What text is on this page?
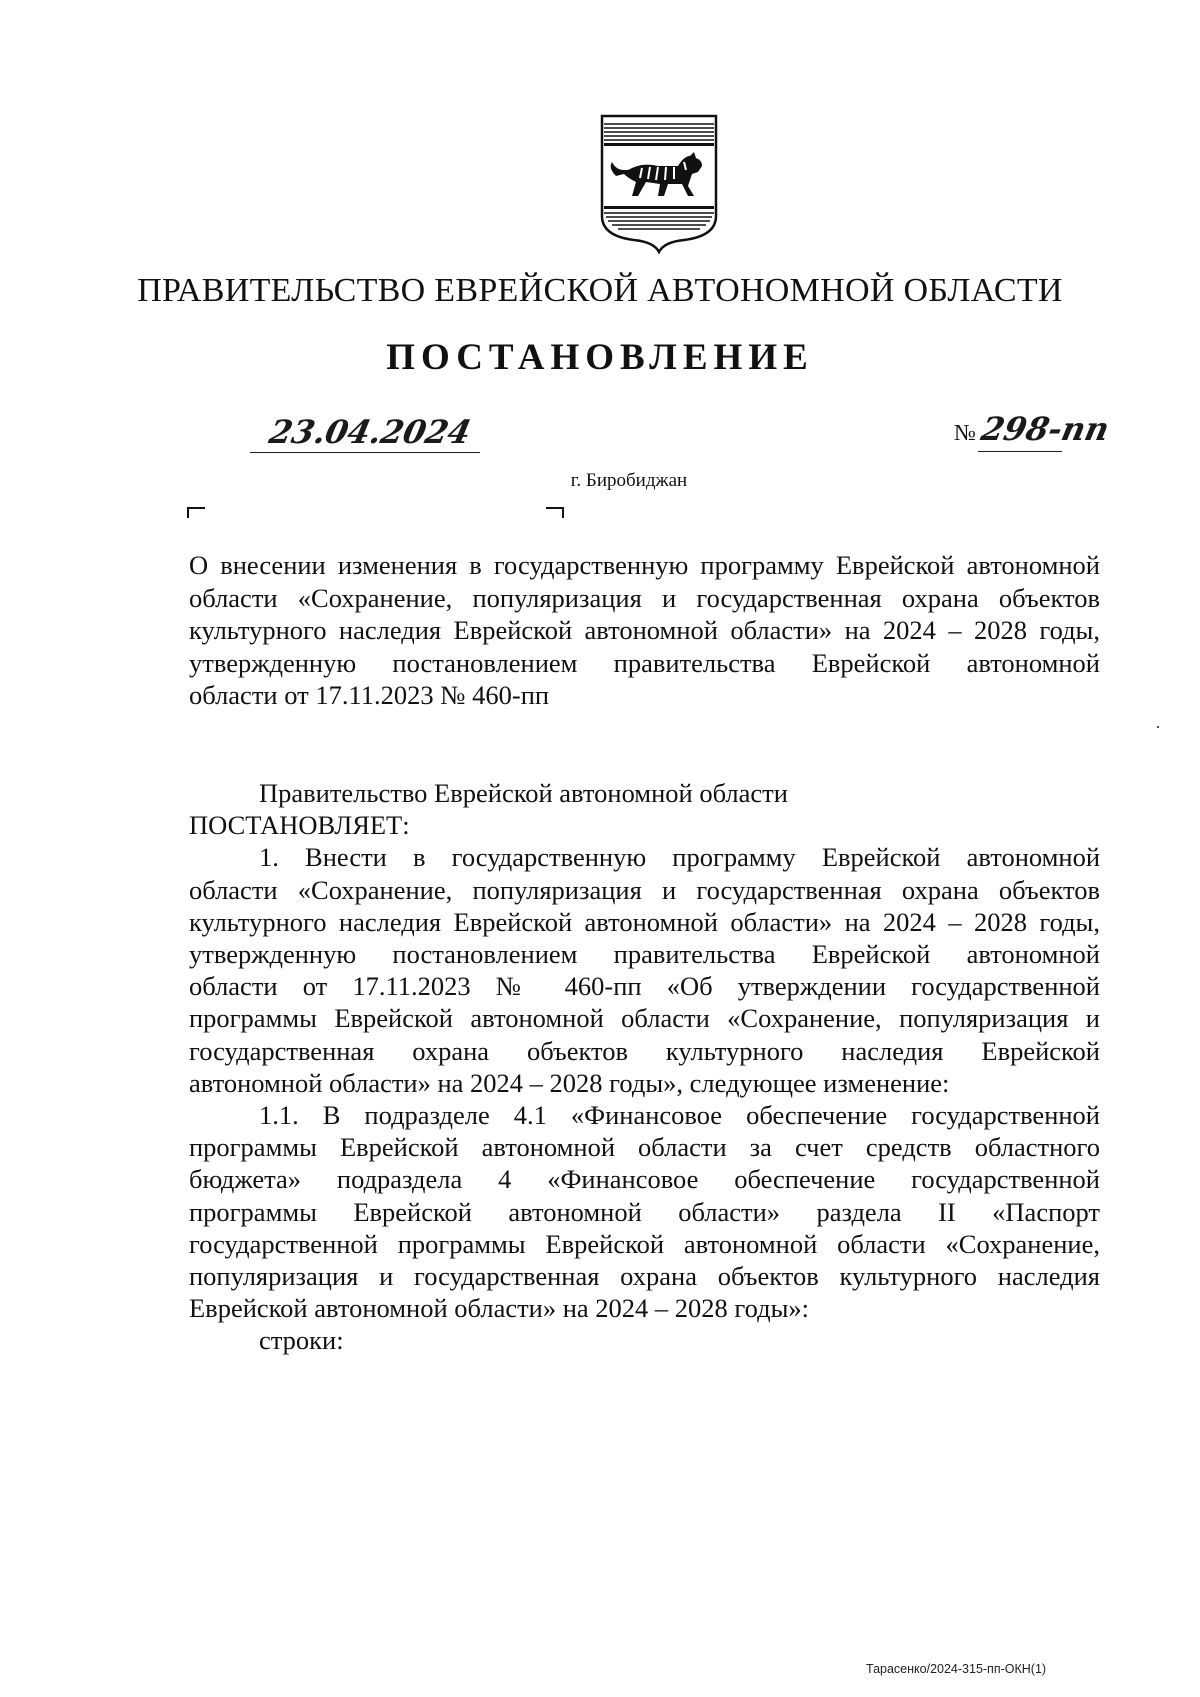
ПРАВИТЕЛЬСТВО ЕВРЕЙСКОЙ АВТОНОМНОЙ ОБЛАСТИ
ПОСТАНОВЛЕНИЕ
23.04.2024	№ 298-пп
г. Биробиджан
О внесении изменения в государственную программу Еврейской автономной
области «Сохранение, популяризация и государственная охрана объектов
культурного наследия Еврейской автономной области» на 2024 – 2028 годы,
утвержденную постановлением правительства Еврейской автономной
области от 17.11.2023 № 460-пп
Правительство Еврейской автономной области
ПОСТАНОВЛЯЕТ:
1. Внести в государственную программу Еврейской автономной
области «Сохранение, популяризация и государственная охрана объектов
культурного наследия Еврейской автономной области» на 2024 – 2028 годы,
утвержденную постановлением правительства Еврейской автономной
области от 17.11.2023 № 460-пп «Об утверждении государственной
программы Еврейской автономной области «Сохранение, популяризация и
государственная охрана объектов культурного наследия Еврейской
автономной области» на 2024 – 2028 годы», следующее изменение:
1.1. В подразделе 4.1 «Финансовое обеспечение государственной
программы Еврейской автономной области за счет средств областного
бюджета» подраздела 4 «Финансовое обеспечение государственной
программы Еврейской автономной области» раздела II «Паспорт
государственной программы Еврейской автономной области «Сохранение,
популяризация и государственная охрана объектов культурного наследия
Еврейской автономной области» на 2024 – 2028 годы»:
строки:
Тарасенко/2024-315-пп-ОКН(1)
